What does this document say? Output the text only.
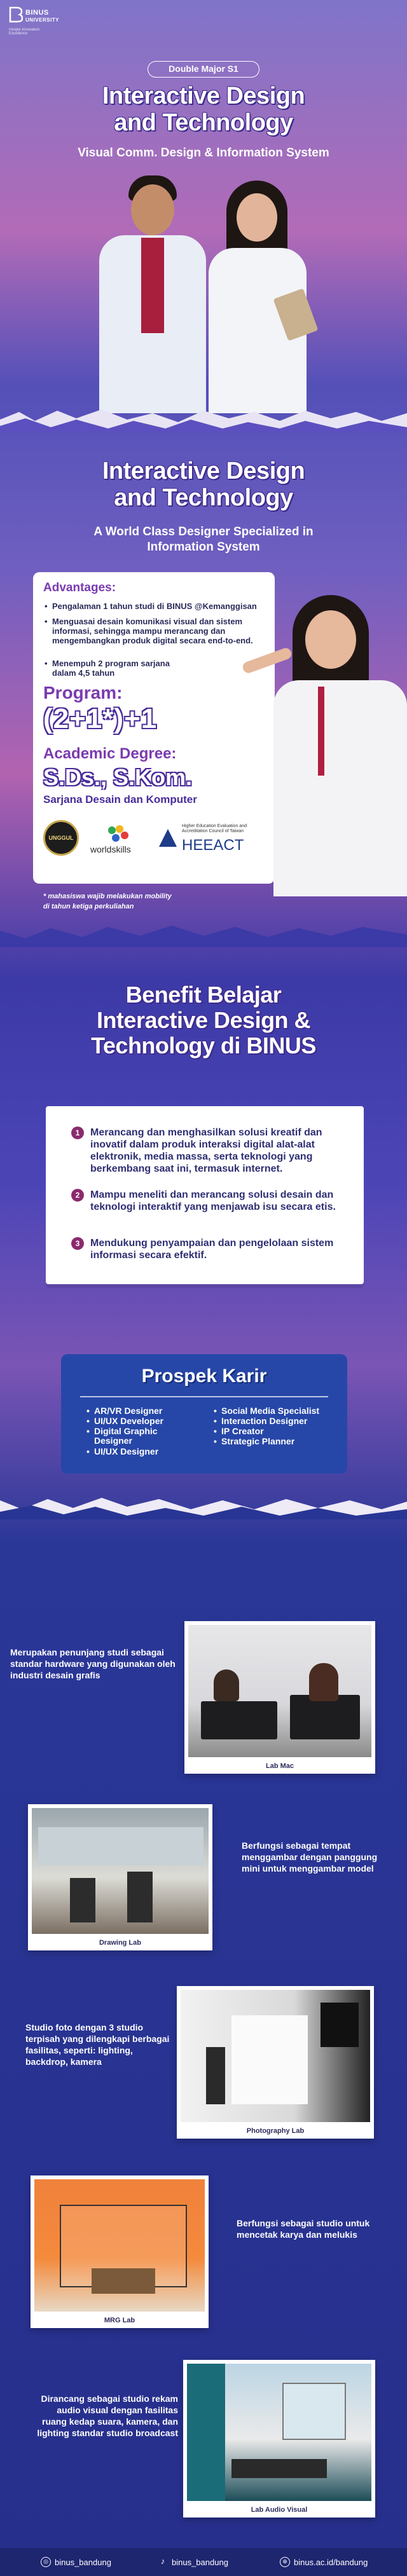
BINUS
UNIVERSITY
People Innovation Excellence
Double Major S1
Interactive Design
and Technology
Visual Comm. Design & Information System
Interactive Design
and Technology
A World Class Designer Specialized in
Information System
Advantages:
• Pengalaman 1 tahun studi di BINUS @Kemanggisan
• Menguasai desain komunikasi visual dan sistem informasi, sehingga mampu merancang dan mengembangkan produk digital secara end-to-end.
• Menempuh 2 program sarjana dalam 4,5 tahun
Program:
(2+1*)+1
Academic Degree:
S.Ds., S.Kom.
Sarjana Desain dan Komputer
UNGGUL
worldskills
Higher Education Evaluation and Accreditation Council of Taiwan
HEEACT
* mahasiswa wajib melakukan mobility
di tahun ketiga perkuliahan
Benefit Belajar
Interactive Design &
Technology di BINUS
1	Merancang dan menghasilkan solusi kreatif dan inovatif dalam produk interaksi digital alat-alat elektronik, media massa, serta teknologi yang berkembang saat ini, termasuk internet.
2	Mampu meneliti dan merancang solusi desain dan teknologi interaktif yang menjawab isu secara etis.
3	Mendukung penyampaian dan pengelolaan sistem informasi secara efektif.
Prospek Karir
• AR/VR Designer
• UI/UX Developer
• Digital Graphic Designer
• UI/UX Designer
• Social Media Specialist
• Interaction Designer
• IP Creator
• Strategic Planner
Merupakan penunjang studi sebagai standar hardware yang digunakan oleh industri desain grafis
Lab Mac
Drawing Lab
Berfungsi sebagai tempat menggambar dengan panggung mini untuk menggambar model
Studio foto dengan 3 studio terpisah yang dilengkapi berbagai fasilitas, seperti: lighting, backdrop, kamera
Photography Lab
MRG Lab
Berfungsi sebagai studio untuk mencetak karya dan melukis
Dirancang sebagai studio rekam audio visual dengan fasilitas ruang kedap suara, kamera, dan lighting standar studio broadcast
Lab Audio Visual
◎ binus_bandung	♪ binus_bandung	⊕ binus.ac.id/bandung
